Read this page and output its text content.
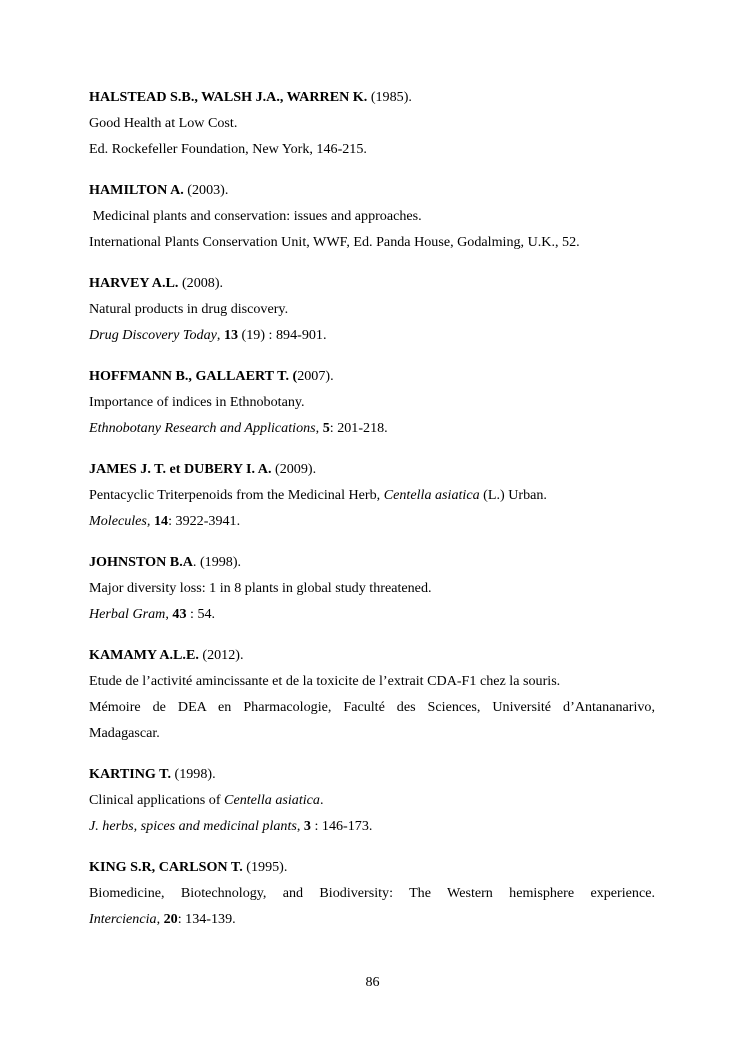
HALSTEAD S.B., WALSH J.A., WARREN K. (1985).
Good Health at Low Cost.
Ed. Rockefeller Foundation, New York, 146-215.
HAMILTON A. (2003).
Medicinal plants and conservation: issues and approaches.
International Plants Conservation Unit, WWF, Ed. Panda House, Godalming, U.K., 52.
HARVEY A.L. (2008).
Natural products in drug discovery.
Drug Discovery Today, 13 (19) : 894-901.
HOFFMANN B., GALLAERT T. (2007).
Importance of indices in Ethnobotany.
Ethnobotany Research and Applications, 5: 201-218.
JAMES J. T. et DUBERY I. A. (2009).
Pentacyclic Triterpenoids from the Medicinal Herb, Centella asiatica (L.) Urban.
Molecules, 14: 3922-3941.
JOHNSTON B.A. (1998).
Major diversity loss: 1 in 8 plants in global study threatened.
Herbal Gram, 43 : 54.
KAMAMY A.L.E. (2012).
Etude de l’activité amincissante et de la toxicite de l’extrait CDA-F1 chez la souris.
Mémoire de DEA en Pharmacologie, Faculté des Sciences, Université d’Antananarivo,
Madagascar.
KARTING T. (1998).
Clinical applications of Centella asiatica.
J. herbs, spices and medicinal plants, 3 : 146-173.
KING S.R, CARLSON T. (1995).
Biomedicine, Biotechnology, and Biodiversity: The Western hemisphere experience.
Interciencia, 20: 134-139.
86
